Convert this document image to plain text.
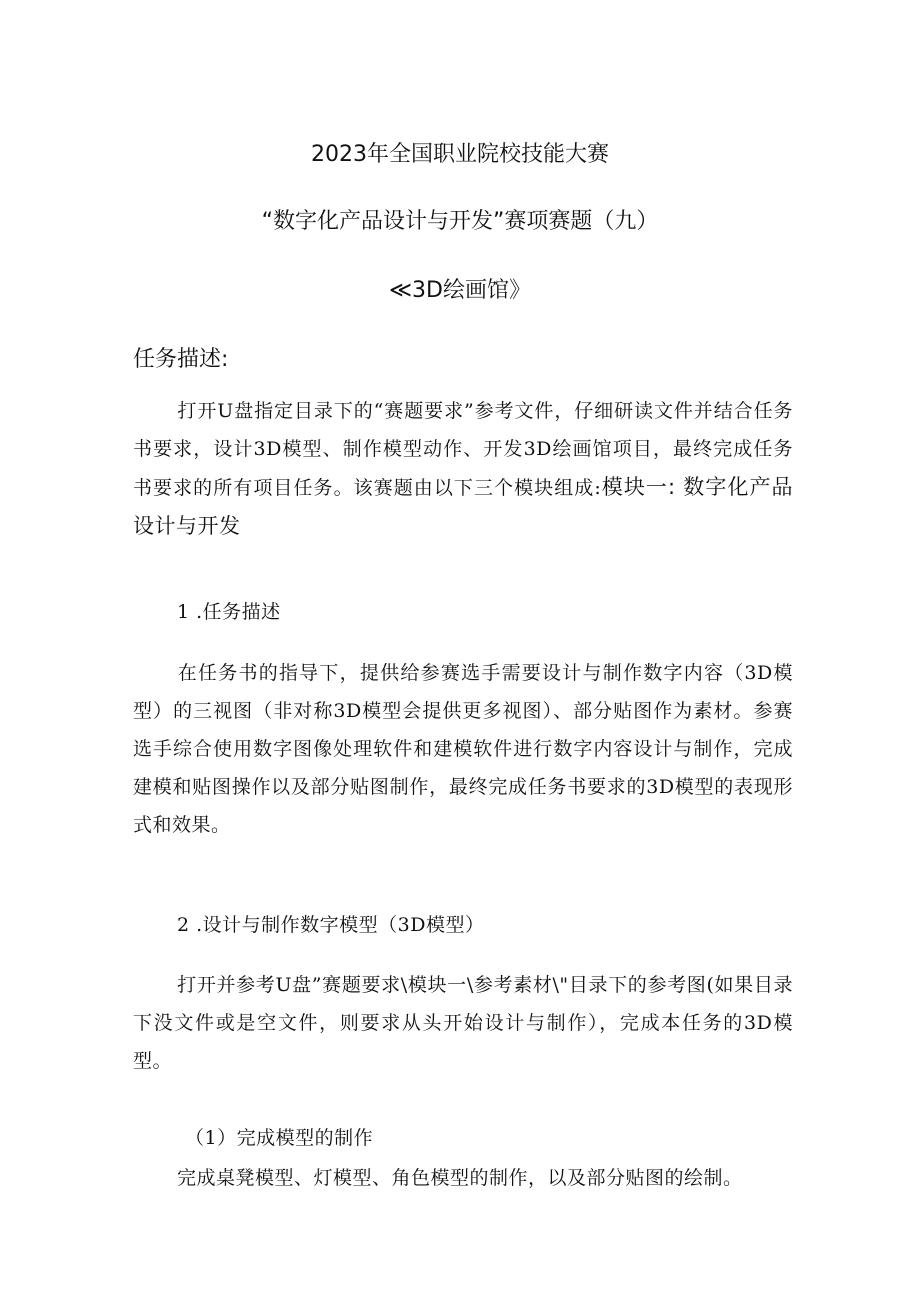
2023年全国职业院校技能大赛
“数字化产品设计与开发”赛项赛题（九）
≪3D绘画馆》
任务描述:
打开U盘指定目录下的“赛题要求”参考文件，仔细研读文件并结合任务书要求，设计3D模型、制作模型动作、开发3D绘画馆项目，最终完成任务书要求的所有项目任务。该赛题由以下三个模块组成:模块一: 数字化产品设计与开发
1 .任务描述
在任务书的指导下，提供给参赛选手需要设计与制作数字内容（3D模型）的三视图（非对称3D模型会提供更多视图）、部分贴图作为素材。参赛选手综合使用数字图像处理软件和建模软件进行数字内容设计与制作，完成建模和贴图操作以及部分贴图制作，最终完成任务书要求的3D模型的表现形式和效果。
2 .设计与制作数字模型（3D模型）
打开并参考U盘”赛题要求\模块一\参考素材\"目录下的参考图(如果目录下没文件或是空文件，则要求从头开始设计与制作），完成本任务的3D模型。
（1）完成模型的制作
完成桌凳模型、灯模型、角色模型的制作，以及部分贴图的绘制。
